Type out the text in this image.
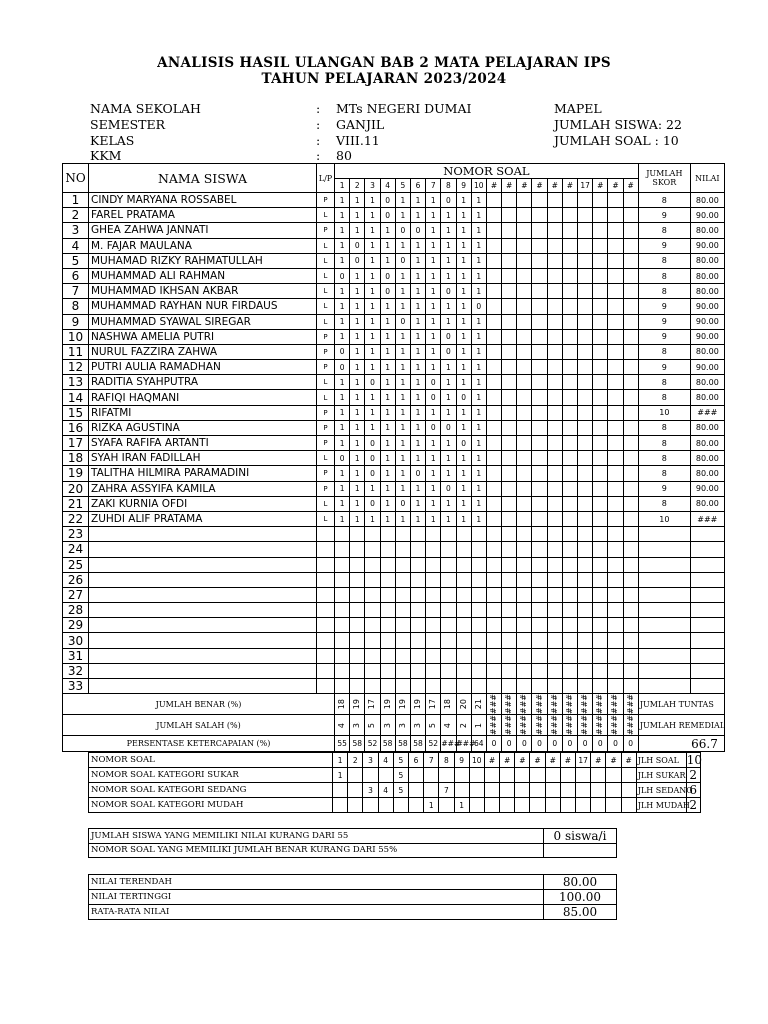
ANALISIS HASIL ULANGAN BAB 2 MATA PELAJARAN IPS
TAHUN PELAJARAN 2023/2024
NAMA SEKOLAH	: MTs NEGERI DUMAI
SEMESTER	: GANJIL
KELAS	: VIII.11
KKM	: 80
MAPEL
JUMLAH SISWA: 22
JUMLAH SOAL : 10
NO	NAMA SISWA	L/P	NOMOR SOAL																				JUMLAH SKOR	NILAI
			1	2	3	4	5	6	7	8	9	10	#	#	#	#	#	#	17	#	#	#		
1	CINDY MARYANA ROSSABEL	P	1	1	1	0	1	1	1	0	1	1											8	80.00
2	FAREL PRATAMA	L	1	1	1	0	1	1	1	1	1	1											9	90.00
3	GHEA ZAHWA JANNATI	P	1	1	1	1	0	0	1	1	1	1											8	80.00
4	M. FAJAR MAULANA	L	1	0	1	1	1	1	1	1	1	1											9	90.00
5	MUHAMAD RIZKY RAHMATULLAH	L	1	0	1	1	0	1	1	1	1	1											8	80.00
6	MUHAMMAD ALI RAHMAN	L	0	1	1	0	1	1	1	1	1	1											8	80.00
7	MUHAMMAD IKHSAN AKBAR	L	1	1	1	0	1	1	1	0	1	1											8	80.00
8	MUHAMMAD RAYHAN NUR FIRDAUS	L	1	1	1	1	1	1	1	1	1	0											9	90.00
9	MUHAMMAD SYAWAL SIREGAR	L	1	1	1	1	0	1	1	1	1	1											9	90.00
10	NASHWA AMELIA PUTRI	P	1	1	1	1	1	1	1	0	1	1											9	90.00
11	NURUL FAZZIRA ZAHWA	P	0	1	1	1	1	1	1	0	1	1											8	80.00
12	PUTRI AULIA RAMADHAN	P	0	1	1	1	1	1	1	1	1	1											9	90.00
13	RADITIA SYAHPUTRA	L	1	1	0	1	1	1	0	1	1	1											8	80.00
14	RAFIQI HAQMANI	L	1	1	1	1	1	1	0	1	0	1											8	80.00
15	RIFATMI	P	1	1	1	1	1	1	1	1	1	1											10	###
16	RIZKA AGUSTINA	P	1	1	1	1	1	1	0	0	1	1											8	80.00
17	SYAFA RAFIFA ARTANTI	P	1	1	0	1	1	1	1	1	0	1											8	80.00
18	SYAH IRAN FADILLAH	L	0	1	0	1	1	1	1	1	1	1											8	80.00
19	TALITHA HILMIRA PARAMADINI	P	1	1	0	1	1	0	1	1	1	1											8	80.00
20	ZAHRA ASSYIFA KAMILA	P	1	1	1	1	1	1	1	0	1	1											9	90.00
21	ZAKI KURNIA OFDI	L	1	1	0	1	0	1	1	1	1	1											8	80.00
22	ZUHDI ALIF PRATAMA	L	1	1	1	1	1	1	1	1	1	1											10	###
23																								
24																								
25																								
26																								
27																								
28																								
29																								
30																								
31																								
32																								
33																								
JUMLAH BENAR (%)			18	19	17	19	19	19	17	18	20	21	###	###	###	###	###	###	###	###	###	###	JUMLAH TUNTAS	
JUMLAH SALAH (%)			4	3	5	3	3	3	5	4	2	1	###	###	###	###	###	###	###	###	###	###	JUMLAH REMEDIAL	
PERSENTASE KETERCAPAIAN (%)			55	58	52	58	58	58	52	###	###	64	0	0	0	0	0	0	0	0	0	0	66.7	
NOMOR SOAL	1	2	3	4	5	6	7	8	9	10	#	#	#	#	#	#	17	#	#	#	JLH SOAL	10
NOMOR SOAL KATEGORI SUKAR	1				5																JLH SUKAR	2
NOMOR SOAL KATEGORI SEDANG			3	4	5			7													JLH SEDANG	6
NOMOR SOAL KATEGORI MUDAH							1		1												JLH MUDAH	2
JUMLAH SISWA YANG MEMILIKI NILAI KURANG DARI 55	0 siswa/i
NOMOR SOAL YANG MEMILIKI JUMLAH BENAR KURANG DARI 55%	
NILAI TERENDAH	80.00
NILAI TERTINGGI	100.00
RATA-RATA NILAI	85.00
